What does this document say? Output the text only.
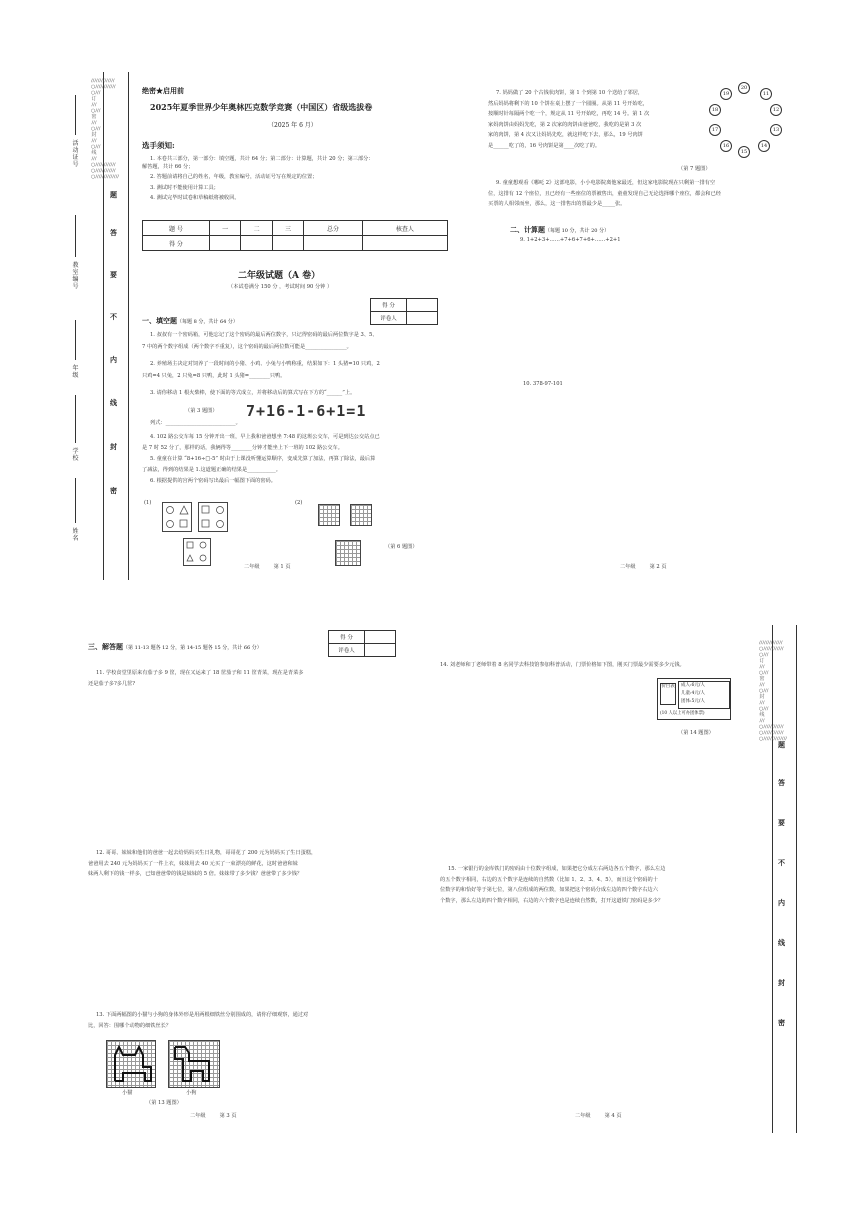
//////////////○////////////○/// 订 ///○/// 密 ///○/// 封 ///○/// 线 ///○////////////○////////////○//////////////
活动证号
教室编号
年级
学校
姓名
题
答
要
不
内
线
封
密
绝密★启用前
2025年夏季世界少年奥林匹克数学竞赛（中国区）省级选拔卷
（2025 年 6 月）
选手须知:
1. 本卷共三部分，第一部分：填空题，共计 64 分；第二部分：计算题，共计 20 分；第三部分：
解答题，共计 66 分；
2. 答题前请将自己的姓名，年级，教室编号，活动证号写在规定的位置；
3. 测试时不能使用计算工具；
4. 测试完毕时试卷和草稿纸将被收回。
题 号	一	二	三	总分	核查人
得 分					
二年级试题（A 卷）
（本试卷满分 150 分 ，考试时间 90 分钟 ）
得 分	
评卷人	
一、填空题（每题 8 分，共计 64 分）
1. 叔叔有一个密码箱，可他忘记了这个密码的最后两位数字，只记得密码的最后两位数字是 3、5、
7 中的两个数字组成（两个数字不重复），这个密码的最后两位数可能是________________。
2. 养殖场主决定对饲养了一段时间的小猪、小鸡、小兔与小鸭称重，结果如下：1 头猪=10 只鸡，2
只鸡=4 只兔，2 只兔=8 只鸭，此时 1 头猪=________只鸭。
3. 请你移动 1 根火柴棒，使下面的等式成立，并将移动后的算式写在下方的“______”上。
（第 3 题图） 7+16-1-6+1=1
列式：___________________________。
4. 102 路公交车每 15 分钟开出一班，早上我和爸爸想坐 7:48 的这班公交车，可是到达公交站点已
是 7 时 52 分了，那样的话，我俩得等________分钟才能坐上下一班的 102 路公交车。
5. 童童在计算 “8+16÷□-5” 时由于上课没听懂运算顺序，变成先算了加法，再算了除法，最后算
了减法，得到的结果是 1.这道题正确的结果是___________。
6. 根据提供的宫两个密码写出最后一幅图下面的密码。
(1)	(2)
（第 6 题图）
二年级	第 1 页
7. 妈妈做了 20 个古钱状肉饼，第 1 个到第 10 个送给了邻居，
然后妈妈将剩下的 10 个饼在桌上摆了一个圆圈。从第 11 号开始吃，
按顺时针每隔两个吃一个，规定从 11 号开始吃，再吃 14 号。第 1 次
家妈肉饼由妈妈先吃，第 2 次家的肉饼由爸爸吃，我吃的是第 3 次
家的肉饼，第 4 次又让妈妈先吃，就这样吃下去，那么，19 号肉饼
是______吃了的，16 号肉饼是第____次吃了的。
20
19	11
18	12
17	13
16	14
15
（第 7 题图）
9. 童童想观看《哪吒 2》这部电影，小小电影院离他家最近，但这家电影院现在只剩第一排有空
位，这排有 12 个座位，且已经有一些座位的票被售出，童童发现自己无论选择哪个座位，都会和已经
买票的人相邻而坐，那么，这一排售出的票最少是_____张。
二、计算题（每题 10 分，共计 20 分）
9. 1+2+3+……+7+6+7+6+……+2+1
10. 378-97-101
二年级	第 2 页
三、解答题（第 11-13 题各 12 分，第 14-15 题各 15 分，共计 66 分）
得 分	
评卷人	
11. 学校食堂里原来有茄子多 9 筐，现在又运来了 18 筐茄子和 11 筐青菜，现在是青菜多
还是茄子多?多几筐?
12. 哥哥、妹妹和他们的爸爸一起去给妈妈买生日礼物，哥哥花了 200 元为妈妈买了生日蛋糕，
爸爸用去 240 元为妈妈买了一件上衣，妹妹用去 40 元买了一束漂亮的鲜花，这时爸爸和妹
妹两人剩下的钱一样多，已知爸爸带的钱是妹妹的 5 倍。妹妹带了多少钱？爸爸带了多少钱？
13. 下面两幅图的小猫与小狗的身体外形是用两根细铁丝分别围成的，请你仔细观察，通过对
比，回答：围哪个动物的细铁丝长？
小猫	小狗
（第 13 题图）
二年级	第 3 页
14. 刘老师和丁老师带着 8 名同学去科技馆参加科普活动，门票价格如下图，刚买门票最少需要多少元钱。
价目表 成人:6元/人
儿童:4元/人
团体:5元/人
(10 人以上可办团体票)
（第 14 题图）
15. 一家银行的金库铁门的密码由十位数字组成，如果把它分成左右两边各五个数字，那么左边
的五个数字相同，右边的五个数字是连续的自然数（比如 1、2、3、4、5），而且这个密码的十
位数字的和恰好等于第七位，第八位组成的两位数，如果把这个密码分成左边的四个数字右边六
个数字，那么左边的四个数字相同，右边的六个数字也是连续自然数，打开这道铁门密码是多少？
二年级	第 4 页
//////////////○////////////○/// 订 ///○/// 密 ///○/// 封 ///○/// 线 ///○////////////○////////////○//////////////
题
答
要
不
内
线
封
密
